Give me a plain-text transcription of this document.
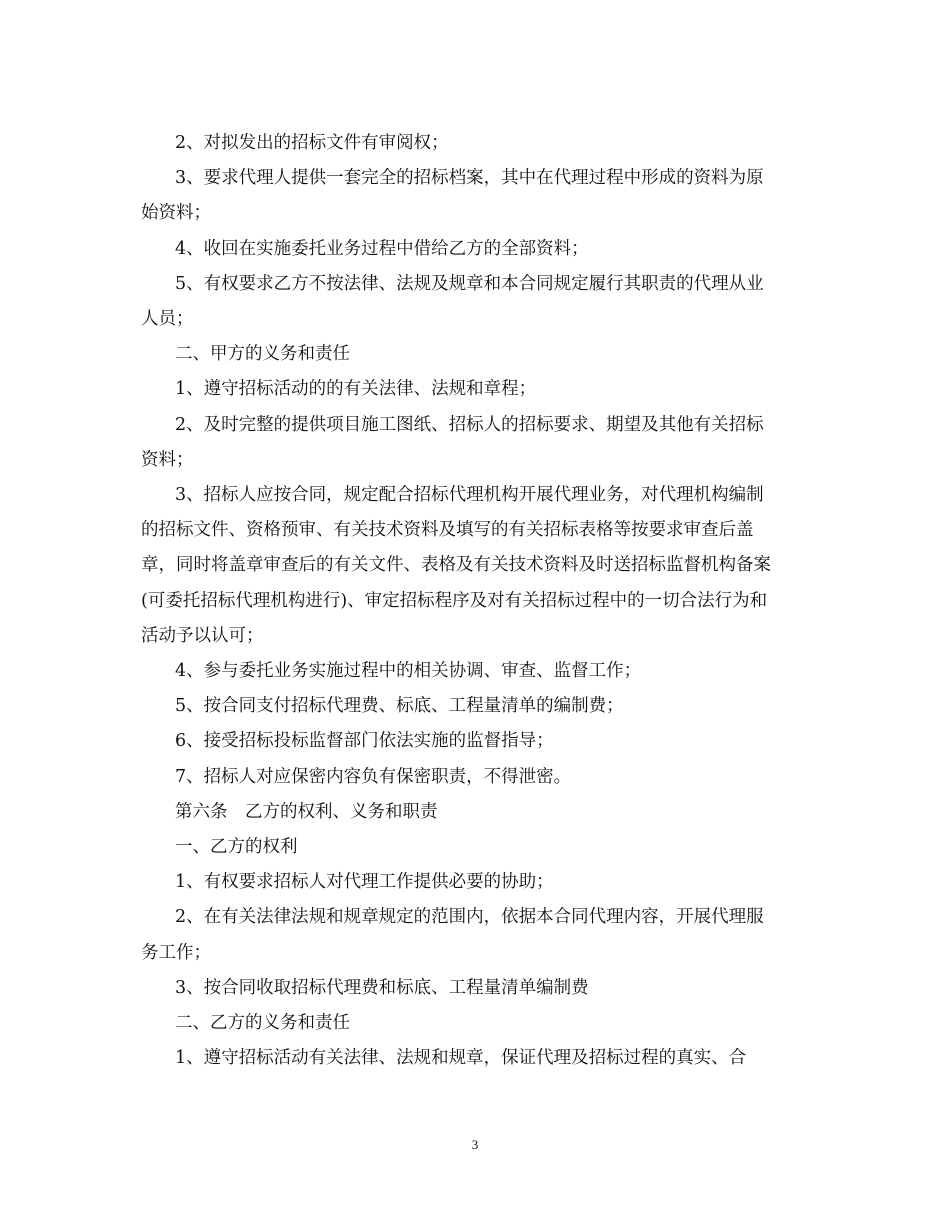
2、对拟发出的招标文件有审阅权；
3、要求代理人提供一套完全的招标档案，其中在代理过程中形成的资料为原
始资料；
4、收回在实施委托业务过程中借给乙方的全部资料；
5、有权要求乙方不按法律、法规及规章和本合同规定履行其职责的代理从业
人员；
二、甲方的义务和责任
1、遵守招标活动的的有关法律、法规和章程；
2、及时完整的提供项目施工图纸、招标人的招标要求、期望及其他有关招标
资料；
3、招标人应按合同，规定配合招标代理机构开展代理业务，对代理机构编制
的招标文件、资格预审、有关技术资料及填写的有关招标表格等按要求审查后盖
章，同时将盖章审查后的有关文件、表格及有关技术资料及时送招标监督机构备案
(可委托招标代理机构进行)、审定招标程序及对有关招标过程中的一切合法行为和
活动予以认可；
4、参与委托业务实施过程中的相关协调、审查、监督工作；
5、按合同支付招标代理费、标底、工程量清单的编制费；
6、接受招标投标监督部门依法实施的监督指导；
7、招标人对应保密内容负有保密职责，不得泄密。
第六条　乙方的权利、义务和职责
一、乙方的权利
1、有权要求招标人对代理工作提供必要的协助；
2、在有关法律法规和规章规定的范围内，依据本合同代理内容，开展代理服
务工作；
3、按合同收取招标代理费和标底、工程量清单编制费
二、乙方的义务和责任
1、遵守招标活动有关法律、法规和规章，保证代理及招标过程的真实、合
3
